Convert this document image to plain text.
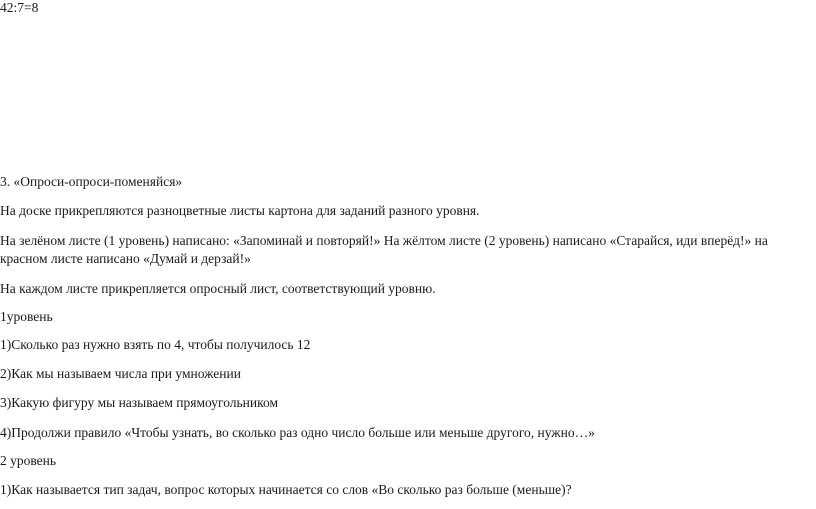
42:7=8

3. «Опроси-опроси-поменяйся»

На доске прикрепляются разноцветные листы картона для заданий разного уровня.

На зелёном листе (1 уровень) написано: «Запоминай и повторяй!» На жёлтом листе (2 уровень) написано «Старайся, иди вперёд!» на

красном листе написано «Думай и дерзай!»

На каждом листе прикрепляется опросный лист, соответствующий уровню.

1уровень

1)Сколько раз нужно взять по 4, чтобы получилось 12

2)Как мы называем числа при умножении

3)Какую фигуру мы называем прямоугольником

4)Продолжи правило «Чтобы узнать, во сколько раз одно число больше или меньше другого, нужно…»

2 уровень

1)Как называется тип задач, вопрос которых начинается со слов «Во сколько раз больше (меньше)?
